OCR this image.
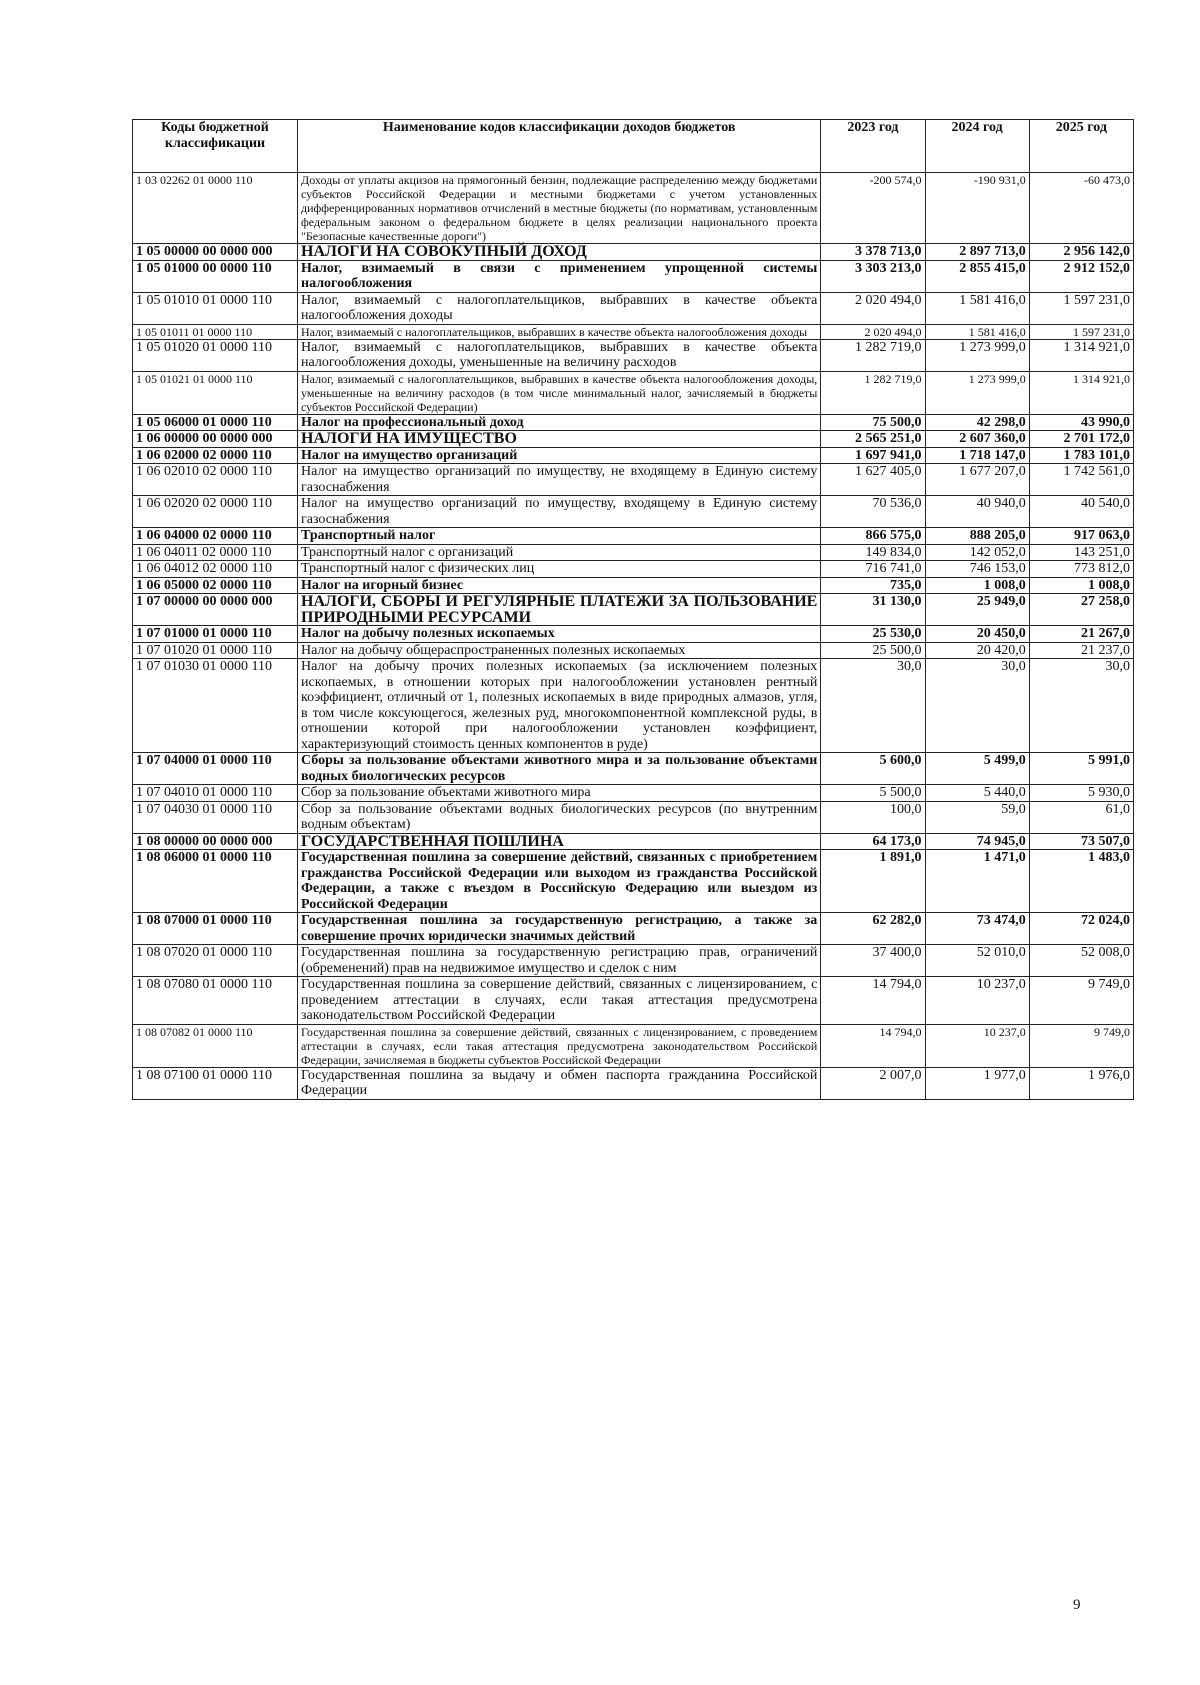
Коды бюджетной классификации	Наименование кодов классификации доходов бюджетов	2023 год	2024 год	2025 год
1 03 02262 01 0000 110	Доходы от уплаты акцизов на прямогонный бензин, подлежащие распределению между бюджетами субъектов Российской Федерации и местными бюджетами с учетом установленных дифференцированных нормативов отчислений в местные бюджеты (по нормативам, установленным федеральным законом о федеральном бюджете в целях реализации национального проекта "Безопасные качественные дороги")	-200 574,0	-190 931,0	-60 473,0
1 05 00000 00 0000 000	НАЛОГИ НА СОВОКУПНЫЙ ДОХОД	3 378 713,0	2 897 713,0	2 956 142,0
1 05 01000 00 0000 110	Налог, взимаемый в связи с применением упрощенной системы налогообложения	3 303 213,0	2 855 415,0	2 912 152,0
1 05 01010 01 0000 110	Налог, взимаемый с налогоплательщиков, выбравших в качестве объекта налогообложения доходы	2 020 494,0	1 581 416,0	1 597 231,0
1 05 01011 01 0000 110	Налог, взимаемый с налогоплательщиков, выбравших в качестве объекта налогообложения доходы	2 020 494,0	1 581 416,0	1 597 231,0
1 05 01020 01 0000 110	Налог, взимаемый с налогоплательщиков, выбравших в качестве объекта налогообложения доходы, уменьшенные на величину расходов	1 282 719,0	1 273 999,0	1 314 921,0
1 05 01021 01 0000 110	Налог, взимаемый с налогоплательщиков, выбравших в качестве объекта налогообложения доходы, уменьшенные на величину расходов (в том числе минимальный налог, зачисляемый в бюджеты субъектов Российской Федерации)	1 282 719,0	1 273 999,0	1 314 921,0
1 05 06000 01 0000 110	Налог на профессиональный доход	75 500,0	42 298,0	43 990,0
1 06 00000 00 0000 000	НАЛОГИ НА ИМУЩЕСТВО	2 565 251,0	2 607 360,0	2 701 172,0
1 06 02000 02 0000 110	Налог на имущество организаций	1 697 941,0	1 718 147,0	1 783 101,0
1 06 02010 02 0000 110	Налог на имущество организаций по имуществу, не входящему в Единую систему газоснабжения	1 627 405,0	1 677 207,0	1 742 561,0
1 06 02020 02 0000 110	Налог на имущество организаций по имуществу, входящему в Единую систему газоснабжения	70 536,0	40 940,0	40 540,0
1 06 04000 02 0000 110	Транспортный налог	866 575,0	888 205,0	917 063,0
1 06 04011 02 0000 110	Транспортный налог с организаций	149 834,0	142 052,0	143 251,0
1 06 04012 02 0000 110	Транспортный налог с физических лиц	716 741,0	746 153,0	773 812,0
1 06 05000 02 0000 110	Налог на игорный бизнес	735,0	1 008,0	1 008,0
1 07 00000 00 0000 000	НАЛОГИ, СБОРЫ И РЕГУЛЯРНЫЕ ПЛАТЕЖИ ЗА ПОЛЬЗОВАНИЕ ПРИРОДНЫМИ РЕСУРСАМИ	31 130,0	25 949,0	27 258,0
1 07 01000 01 0000 110	Налог на добычу полезных ископаемых	25 530,0	20 450,0	21 267,0
1 07 01020 01 0000 110	Налог на добычу общераспространенных полезных ископаемых	25 500,0	20 420,0	21 237,0
1 07 01030 01 0000 110	Налог на добычу прочих полезных ископаемых (за исключением полезных ископаемых, в отношении которых при налогообложении установлен рентный коэффициент, отличный от 1, полезных ископаемых в виде природных алмазов, угля, в том числе коксующегося, железных руд, многокомпонентной комплексной руды, в отношении которой при налогообложении установлен коэффициент, характеризующий стоимость ценных компонентов в руде)	30,0	30,0	30,0
1 07 04000 01 0000 110	Сборы за пользование объектами животного мира и за пользование объектами водных биологических ресурсов	5 600,0	5 499,0	5 991,0
1 07 04010 01 0000 110	Сбор за пользование объектами животного мира	5 500,0	5 440,0	5 930,0
1 07 04030 01 0000 110	Сбор за пользование объектами водных биологических ресурсов (по внутренним водным объектам)	100,0	59,0	61,0
1 08 00000 00 0000 000	ГОСУДАРСТВЕННАЯ ПОШЛИНА	64 173,0	74 945,0	73 507,0
1 08 06000 01 0000 110	Государственная пошлина за совершение действий, связанных с приобретением гражданства Российской Федерации или выходом из гражданства Российской Федерации, а также с въездом в Российскую Федерацию или выездом из Российской Федерации	1 891,0	1 471,0	1 483,0
1 08 07000 01 0000 110	Государственная пошлина за государственную регистрацию, а также за совершение прочих юридически значимых действий	62 282,0	73 474,0	72 024,0
1 08 07020 01 0000 110	Государственная пошлина за государственную регистрацию прав, ограничений (обременений) прав на недвижимое имущество и сделок с ним	37 400,0	52 010,0	52 008,0
1 08 07080 01 0000 110	Государственная пошлина за совершение действий, связанных с лицензированием, с проведением аттестации в случаях, если такая аттестация предусмотрена законодательством Российской Федерации	14 794,0	10 237,0	9 749,0
1 08 07082 01 0000 110	Государственная пошлина за совершение действий, связанных с лицензированием, с проведением аттестации в случаях, если такая аттестация предусмотрена законодательством Российской Федерации, зачисляемая в бюджеты субъектов Российской Федерации	14 794,0	10 237,0	9 749,0
1 08 07100 01 0000 110	Государственная пошлина за выдачу и обмен паспорта гражданина Российской Федерации	2 007,0	1 977,0	1 976,0
9
